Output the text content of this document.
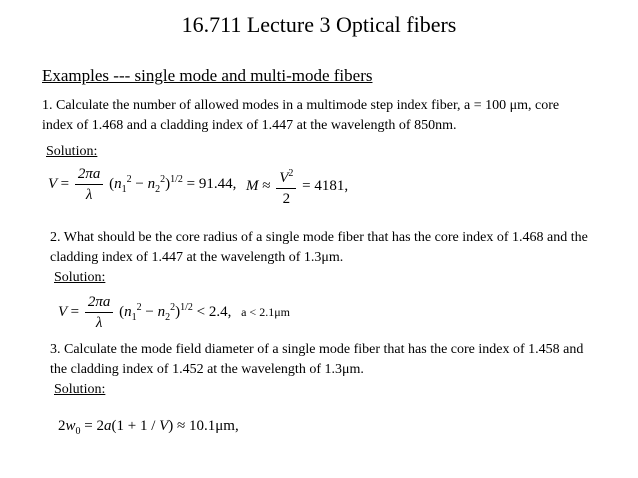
16.711 Lecture 3 Optical fibers
Examples --- single mode and multi-mode fibers
1. Calculate the number of allowed modes in a multimode step index fiber, a = 100 μm, core
index of 1.468 and a cladding index of 1.447 at the wavelength of 850nm.
Solution:
$V = \frac{2\pi a}{\lambda} (n_1^2 - n_2^2)^{1/2} = 91.44$, $M \approx \frac{V^2}{2} = 4181$,
2. What should be the core radius of a single mode fiber that has the core index of 1.468 and the
cladding index of 1.447 at the wavelength of 1.3μm.
Solution:
$V = \frac{2\pi a}{\lambda} (n_1^2 - n_2^2)^{1/2} < 2.4$, a < 2.1μm
3. Calculate the mode field diameter of a single mode fiber that has the core index of 1.458 and
the cladding index of 1.452 at the wavelength of 1.3μm.
Solution:
$2w_0 = 2a(1 + 1 / V) \approx 10.1\mu m$,
